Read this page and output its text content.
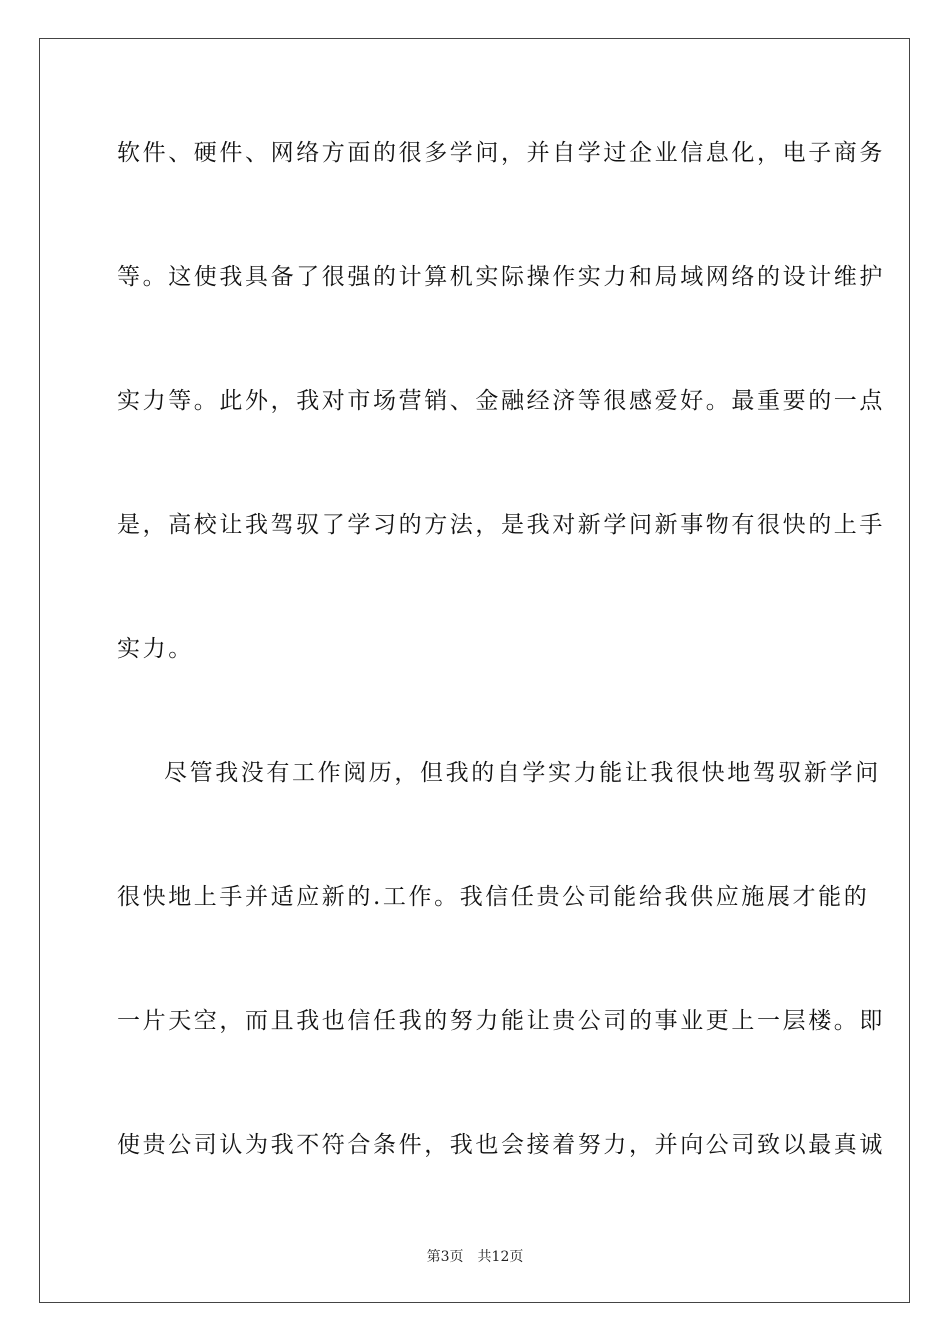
软件、硬件、网络方面的很多学问，并自学过企业信息化，电子商务
等。这使我具备了很强的计算机实际操作实力和局域网络的设计维护
实力等。此外，我对市场营销、金融经济等很感爱好。最重要的一点
是，高校让我驾驭了学习的方法，是我对新学问新事物有很快的上手
实力。
尽管我没有工作阅历，但我的自学实力能让我很快地驾驭新学问
很快地上手并适应新的.工作。我信任贵公司能给我供应施展才能的
一片天空，而且我也信任我的努力能让贵公司的事业更上一层楼。即
使贵公司认为我不符合条件，我也会接着努力，并向公司致以最真诚
第3页 共12页
